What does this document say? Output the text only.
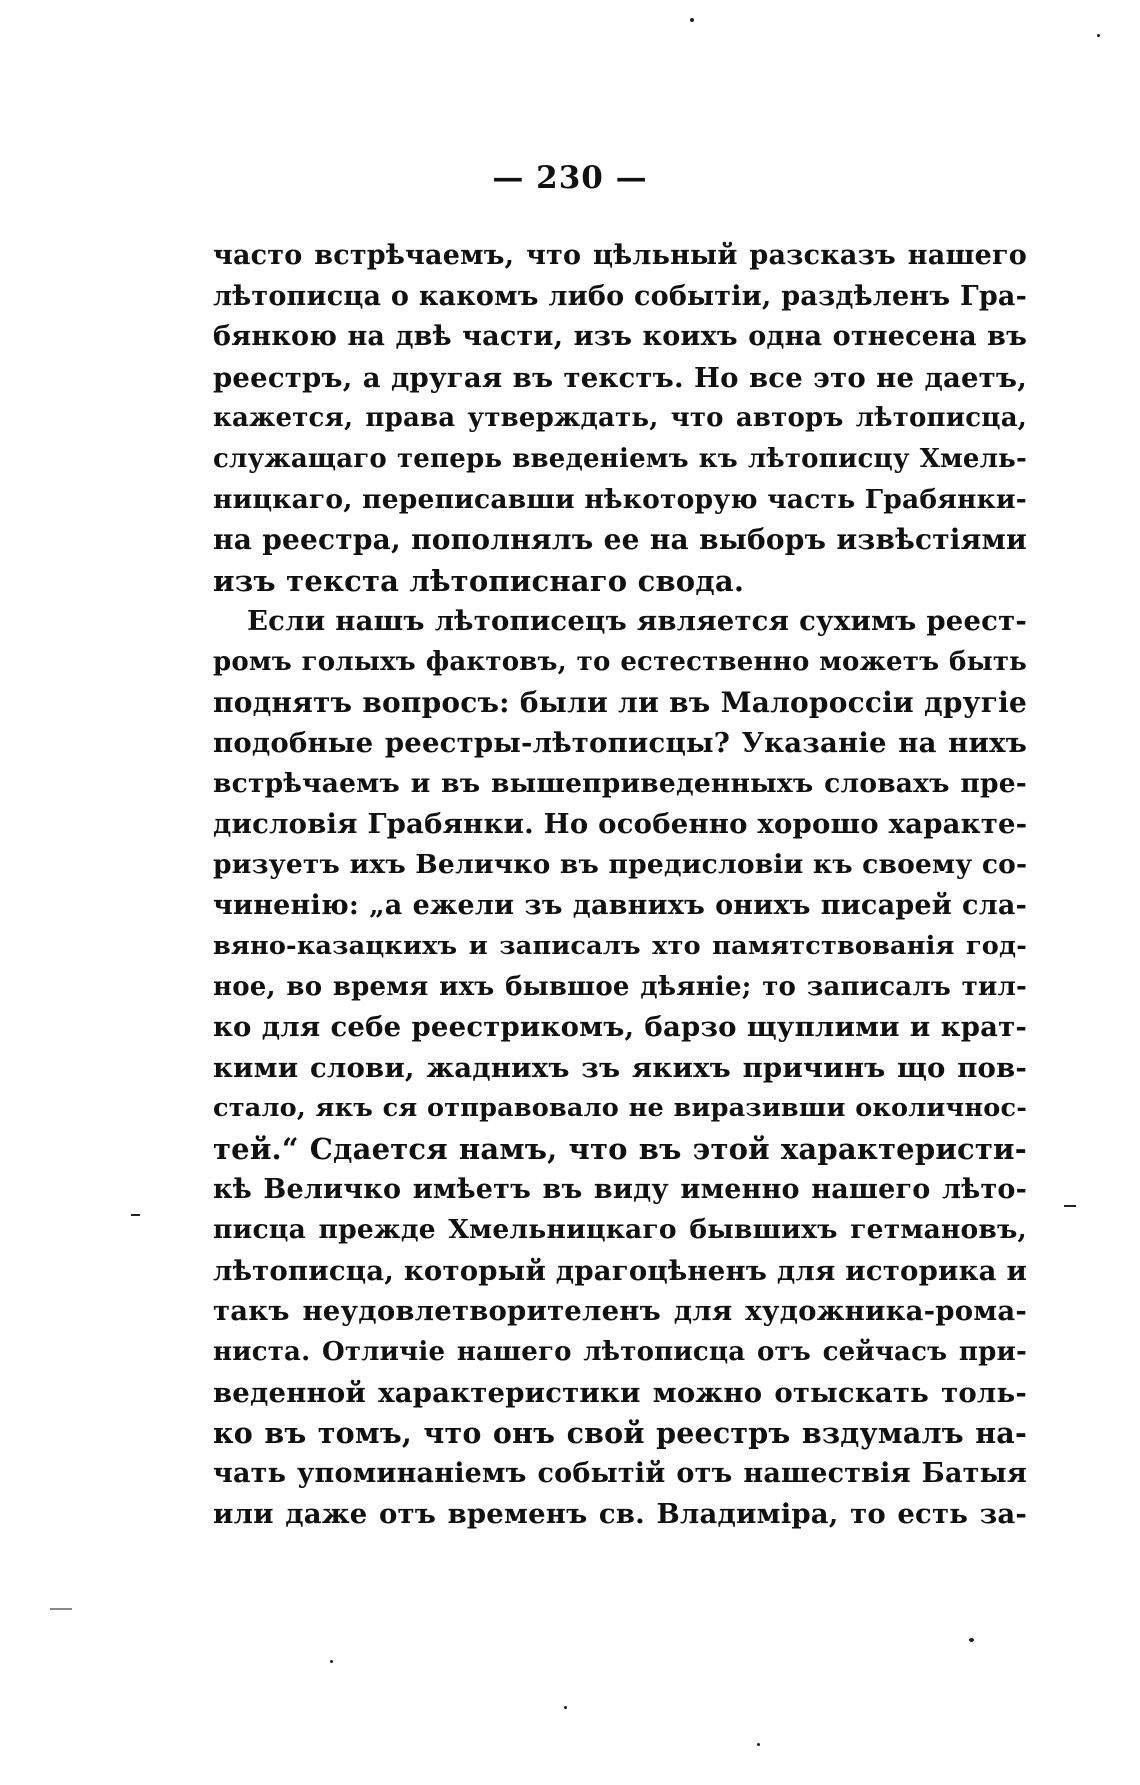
— 230 —
часто встрѣчаемъ, что цѣльный разсказъ нашего
лѣтописца о какомъ либо событіи, раздѣленъ Гра-
бянкою на двѣ части, изъ коихъ одна отнесена въ
реестръ, а другая въ текстъ. Но все это не даетъ,
кажется, права утверждать, что авторъ лѣтописца,
служащаго теперь введеніемъ къ лѣтописцу Хмель-
ницкаго, переписавши нѣкоторую часть Грабянки-
на реестра, пополнялъ ее на выборъ извѣстіями
изъ текста лѣтописнаго свода.
Если нашъ лѣтописецъ является сухимъ реест-
ромъ голыхъ фактовъ, то естественно можетъ быть
поднятъ вопросъ: были ли въ Малороссіи другіе
подобные реестры-лѣтописцы? Указаніе на нихъ
встрѣчаемъ и въ вышеприведенныхъ словахъ пре-
дисловія Грабянки. Но особенно хорошо характе-
ризуетъ ихъ Величко въ предисловіи къ своему со-
чиненію: „а ежели зъ давнихъ онихъ писарей сла-
вяно-казацкихъ и записалъ хто памятствованія год-
ное, во время ихъ бывшое дѣяніе; то записалъ тил-
ко для себе реестрикомъ, барзо щуплими и крат-
кими слови, жаднихъ зъ якихъ причинъ що пов-
стало, якъ ся отправовало не виразивши околичнос-
тей.“ Сдается намъ, что въ этой характеристи-
кѣ Величко имѣетъ въ виду именно нашего лѣто-
писца прежде Хмельницкаго бывшихъ гетмановъ,
лѣтописца, который драгоцѣненъ для историка и
такъ неудовлетворителенъ для художника-рома-
ниста. Отличіе нашего лѣтописца отъ сейчасъ при-
веденной характеристики можно отыскать толь-
ко въ томъ, что онъ свой реестръ вздумалъ на-
чать упоминаніемъ событій отъ нашествія Батыя
или даже отъ временъ св. Владиміра, то есть за-
